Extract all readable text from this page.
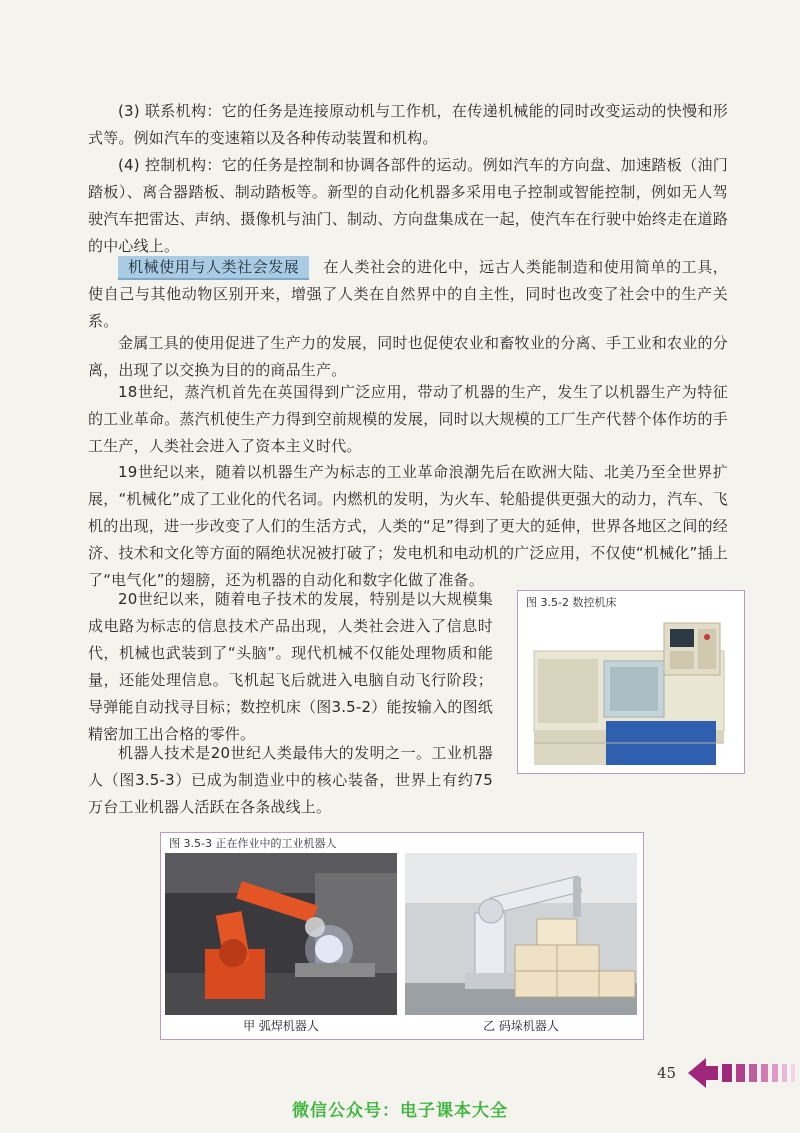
(3) 联系机构：它的任务是连接原动机与工作机，在传递机械能的同时改变运动的快慢和形式等。例如汽车的变速箱以及各种传动装置和机构。

(4) 控制机构：它的任务是控制和协调各部件的运动。例如汽车的方向盘、加速踏板（油门踏板）、离合器踏板、制动踏板等。新型的自动化机器多采用电子控制或智能控制，例如无人驾驶汽车把雷达、声纳、摄像机与油门、制动、方向盘集成在一起，使汽车在行驶中始终走在道路的中心线上。

机械使用与人类社会发展 在人类社会的进化中，远古人类能制造和使用简单的工具，使自己与其他动物区别开来，增强了人类在自然界中的自主性，同时也改变了社会中的生产关系。

金属工具的使用促进了生产力的发展，同时也促使农业和畜牧业的分离、手工业和农业的分离，出现了以交换为目的的商品生产。

18世纪，蒸汽机首先在英国得到广泛应用，带动了机器的生产，发生了以机器生产为特征的工业革命。蒸汽机使生产力得到空前规模的发展，同时以大规模的工厂生产代替个体作坊的手工生产，人类社会进入了资本主义时代。

19世纪以来，随着以机器生产为标志的工业革命浪潮先后在欧洲大陆、北美乃至全世界扩展，“机械化”成了工业化的代名词。内燃机的发明，为火车、轮船提供更强大的动力，汽车、飞机的出现，进一步改变了人们的生活方式，人类的“足”得到了更大的延伸，世界各地区之间的经济、技术和文化等方面的隔绝状况被打破了；发电机和电动机的广泛应用，不仅使“机械化”插上了“电气化”的翅膀，还为机器的自动化和数字化做了准备。

20世纪以来，随着电子技术的发展，特别是以大规模集成电路为标志的信息技术产品出现，人类社会进入了信息时代，机械也武装到了“头脑”。现代机械不仅能处理物质和能量，还能处理信息。飞机起飞后就进入电脑自动飞行阶段；导弹能自动找寻目标；数控机床（图3.5-2）能按输入的图纸精密加工出合格的零件。

机器人技术是20世纪人类最伟大的发明之一。工业机器人（图3.5-3）已成为制造业中的核心装备，世界上有约75万台工业机器人活跃在各条战线上。

图 3.5-2 数控机床
图 3.5-3 正在作业中的工业机器人
甲 弧焊机器人	乙 码垛机器人
45
微信公众号：电子课本大全
